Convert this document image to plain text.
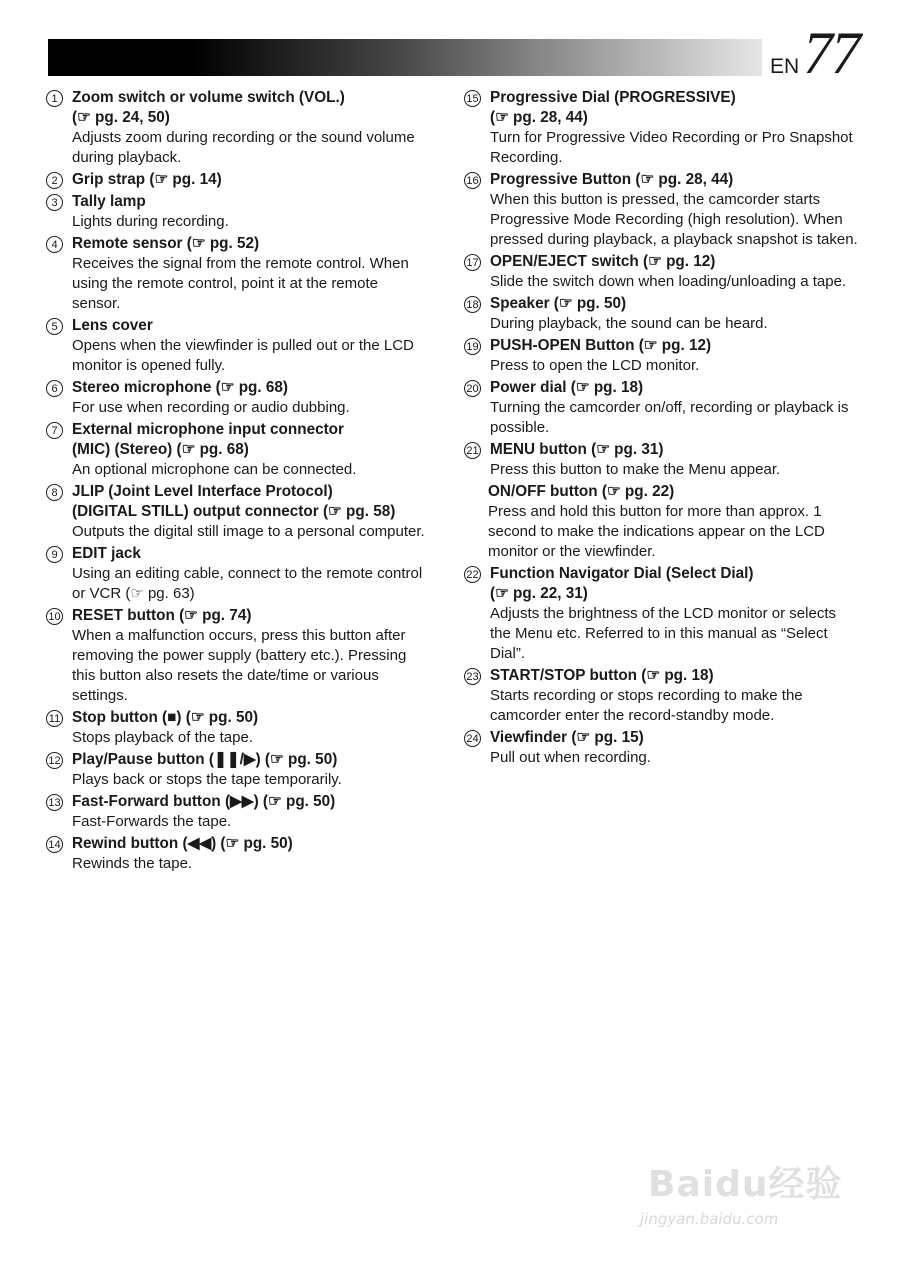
EN 77
1 Zoom switch or volume switch (VOL.)
(☞ pg. 24, 50)
Adjusts zoom during recording or the sound volume during playback.
2 Grip strap (☞ pg. 14)
3 Tally lamp
Lights during recording.
4 Remote sensor (☞ pg. 52)
Receives the signal from the remote control. When using the remote control, point it at the remote sensor.
5 Lens cover
Opens when the viewfinder is pulled out or the LCD monitor is opened fully.
6 Stereo microphone (☞ pg. 68)
For use when recording or audio dubbing.
7 External microphone input connector
(MIC) (Stereo) (☞ pg. 68)
An optional microphone can be connected.
8 JLIP (Joint Level Interface Protocol)
(DIGITAL STILL) output connector (☞ pg. 58)
Outputs the digital still image to a personal computer.
9 EDIT jack
Using an editing cable, connect to the remote control or VCR (☞ pg. 63)
10 RESET button (☞ pg. 74)
When a malfunction occurs, press this button after removing the power supply (battery etc.). Pressing this button also resets the date/time or various settings.
11 Stop button (■) (☞ pg. 50)
Stops playback of the tape.
12 Play/Pause button (❚❚/▶) (☞ pg. 50)
Plays back or stops the tape temporarily.
13 Fast-Forward button (▶▶) (☞ pg. 50)
Fast-Forwards the tape.
14 Rewind button (◀◀) (☞ pg. 50)
Rewinds the tape.
15 Progressive Dial (PROGRESSIVE)
(☞ pg. 28, 44)
Turn for Progressive Video Recording or Pro Snapshot Recording.
16 Progressive Button (☞ pg. 28, 44)
When this button is pressed, the camcorder starts Progressive Mode Recording (high resolution). When pressed during playback, a playback snapshot is taken.
17 OPEN/EJECT switch (☞ pg. 12)
Slide the switch down when loading/unloading a tape.
18 Speaker (☞ pg. 50)
During playback, the sound can be heard.
19 PUSH-OPEN Button (☞ pg. 12)
Press to open the LCD monitor.
20 Power dial (☞ pg. 18)
Turning the camcorder on/off, recording or playback is possible.
21 MENU button (☞ pg. 31)
Press this button to make the Menu appear.
ON/OFF button (☞ pg. 22)
Press and hold this button for more than approx. 1 second to make the indications appear on the LCD monitor or the viewfinder.
22 Function Navigator Dial (Select Dial)
(☞ pg. 22, 31)
Adjusts the brightness of the LCD monitor or selects the Menu etc. Referred to in this manual as “Select Dial”.
23 START/STOP button (☞ pg. 18)
Starts recording or stops recording to make the camcorder enter the record-standby mode.
24 Viewfinder (☞ pg. 15)
Pull out when recording.
Baidu经验
jingyan.baidu.com
